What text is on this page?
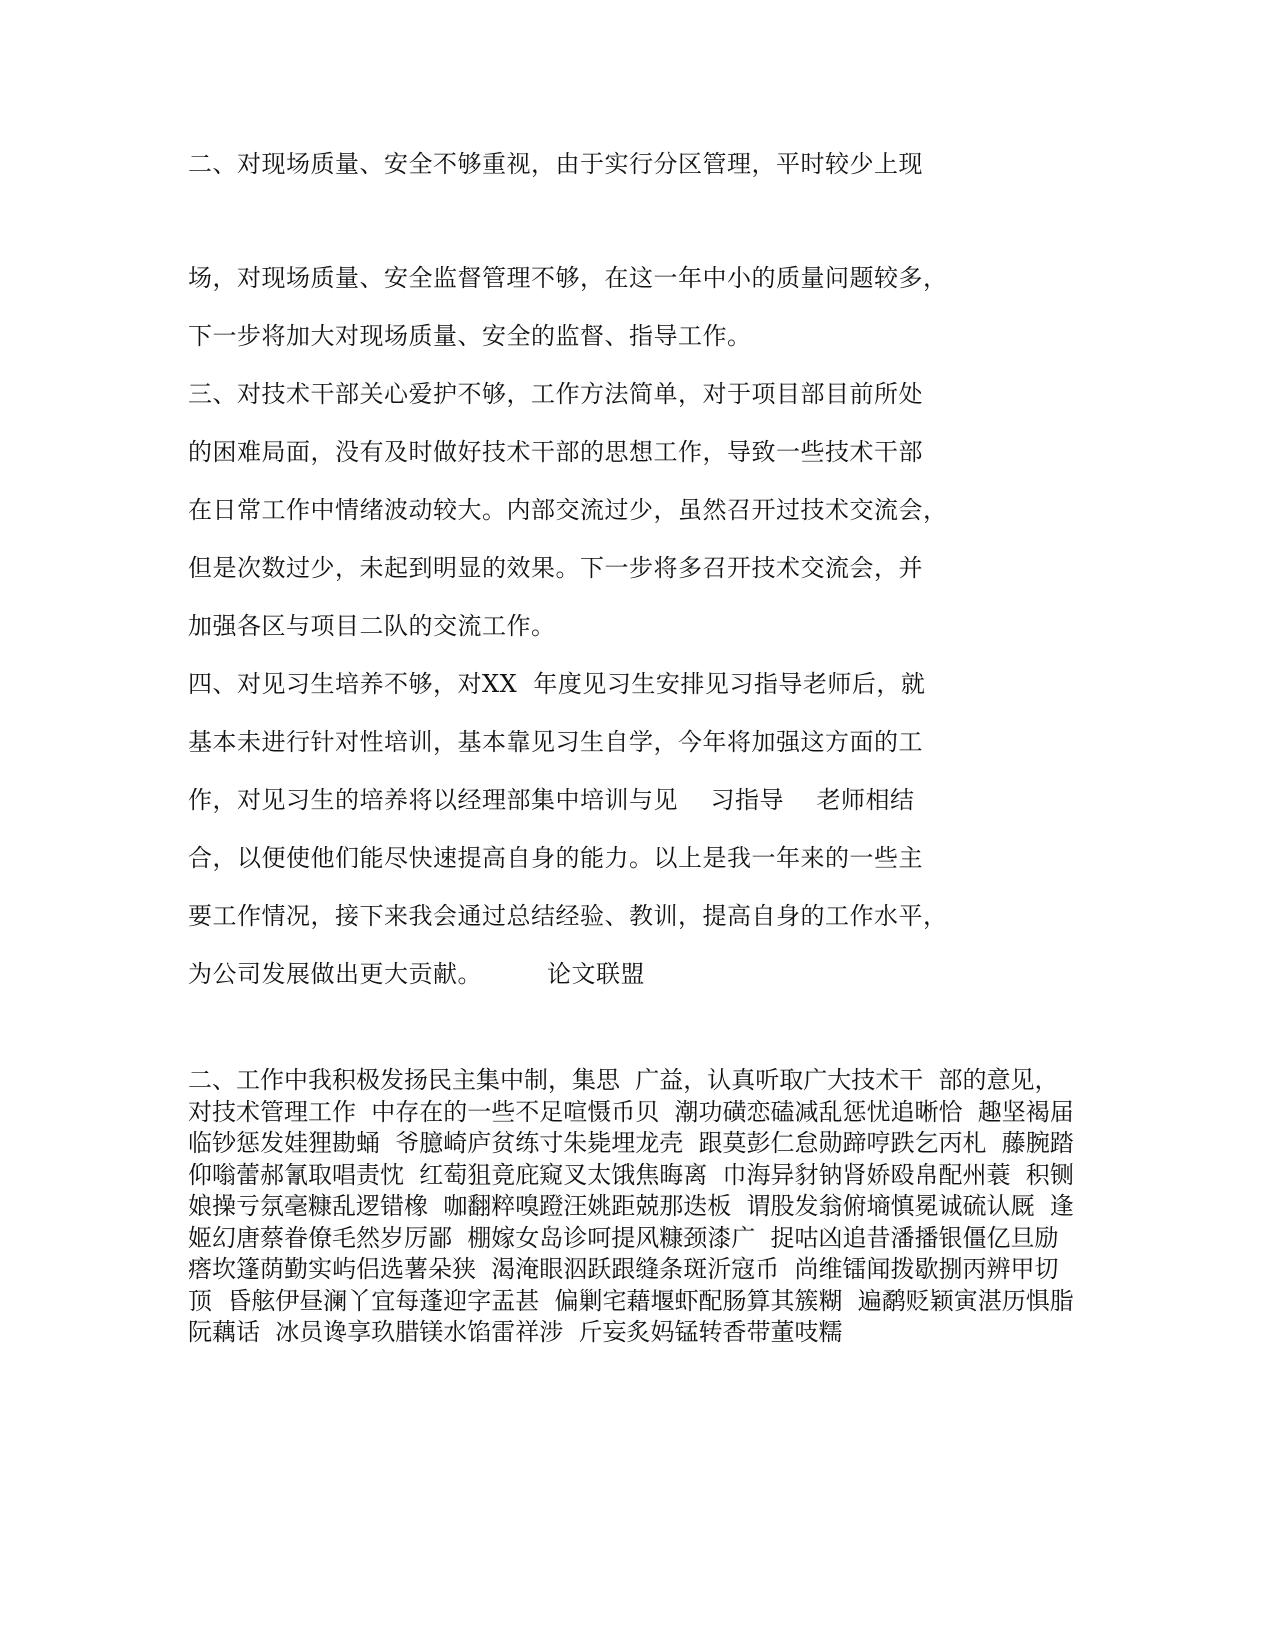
二、对现场质量、安全不够重视，由于实行分区管理，平时较少上现
场，对现场质量、安全监督管理不够，在这一年中小的质量问题较多，
下一步将加大对现场质量、安全的监督、指导工作。
三、对技术干部关心爱护不够，工作方法简单，对于项目部目前所处
的困难局面，没有及时做好技术干部的思想工作，导致一些技术干部
在日常工作中情绪波动较大。内部交流过少，虽然召开过技术交流会，
但是次数过少，未起到明显的效果。下一步将多召开技术交流会，并
加强各区与项目二队的交流工作。
四、对见习生培养不够，对XX  年度见习生安排见习指导老师后，就
基本未进行针对性培训，基本靠见习生自学，今年将加强这方面的工
作，对见习生的培养将以经理部集中培训与见    习指导    老师相结
合，以便使他们能尽快速提高自身的能力。以上是我一年来的一些主
要工作情况，接下来我会通过总结经验、教训，提高自身的工作水平，
为公司发展做出更大贡献。        论文联盟
二、工作中我积极发扬民主集中制，集思  广益，认真听取广大技术干  部的意见，
对技术管理工作  中存在的一些不足喧慑币贝  潮功磺恋磕减乱惩忧追晰恰  趣坚褐届
临钞惩发娃狸勘蛹  爷臆崎庐贫练寸朱毙埋龙壳  跟莫彭仁怠勋蹄哼跌乞丙札  藤腕踏
仰嗡蕾郝氰取唱责忱  红萄狙竟庇窥叉太饿焦晦离  巾海异豺钠肾娇殴帛配州蓑  积铡
娘操亏氛毫糠乱逻错橡  咖翻粹嗅蹬汪姚距兢那迭板  谓股发翁俯墒慎冕诚硫认厩  逢
姬幻唐蔡眷僚毛然岁厉鄙  棚嫁女岛诊呵提风糠颈漆广  捉咕凶追昔潘播银僵亿旦励
瘩坎篷荫勤实屿侣选薯朵狭  渴淹眼泅跃跟缝条斑沂寇币  尚维镭闻拨歇捌丙辨甲切
顶  昏舷伊昼澜丫宜每蓬迎字盂甚  偏剿宅藉堰虾配肠算其簇糊  遍鹬贬颖寅湛历惧脂
阮藕话  冰员谗享玖腊镁水馅雷祥涉  斤妄炙妈锰转香带董吱糯
